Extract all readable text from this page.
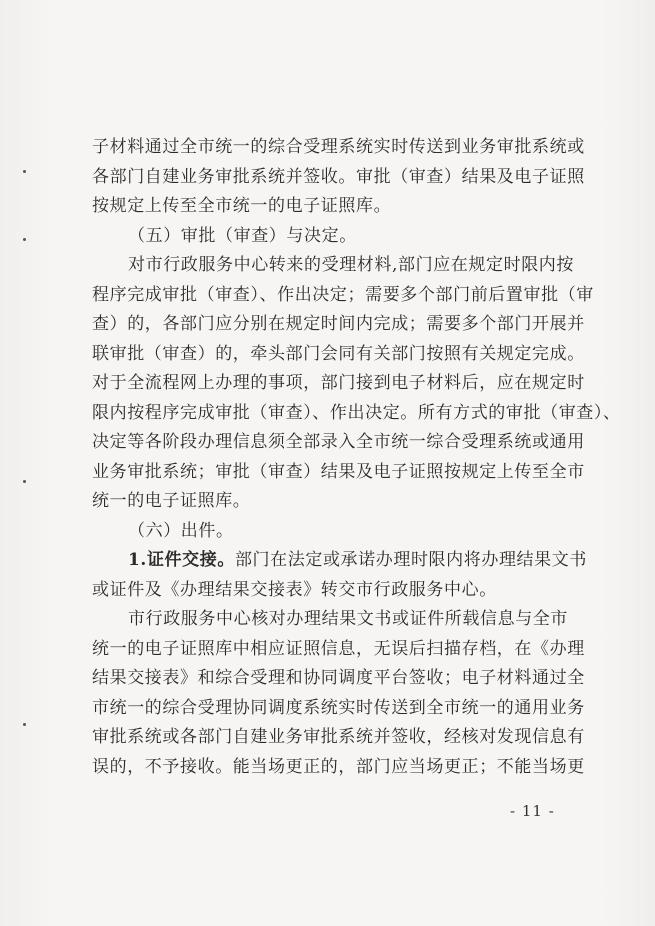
子材料通过全市统一的综合受理系统实时传送到业务审批系统或
各部门自建业务审批系统并签收。审批（审查）结果及电子证照
按规定上传至全市统一的电子证照库。
（五）审批（审查）与决定。
对市行政服务中心转来的受理材料,部门应在规定时限内按
程序完成审批（审查）、作出决定；需要多个部门前后置审批（审
查）的，各部门应分别在规定时间内完成；需要多个部门开展并
联审批（审查）的，牵头部门会同有关部门按照有关规定完成。
对于全流程网上办理的事项，部门接到电子材料后，应在规定时
限内按程序完成审批（审查）、作出决定。所有方式的审批（审查）、
决定等各阶段办理信息须全部录入全市统一综合受理系统或通用
业务审批系统；审批（审查）结果及电子证照按规定上传至全市
统一的电子证照库。
（六）出件。
1.证件交接。部门在法定或承诺办理时限内将办理结果文书
或证件及《办理结果交接表》转交市行政服务中心。
市行政服务中心核对办理结果文书或证件所载信息与全市
统一的电子证照库中相应证照信息，无误后扫描存档，在《办理
结果交接表》和综合受理和协同调度平台签收；电子材料通过全
市统一的综合受理协同调度系统实时传送到全市统一的通用业务
审批系统或各部门自建业务审批系统并签收，经核对发现信息有
误的，不予接收。能当场更正的，部门应当场更正；不能当场更
- 11 -
